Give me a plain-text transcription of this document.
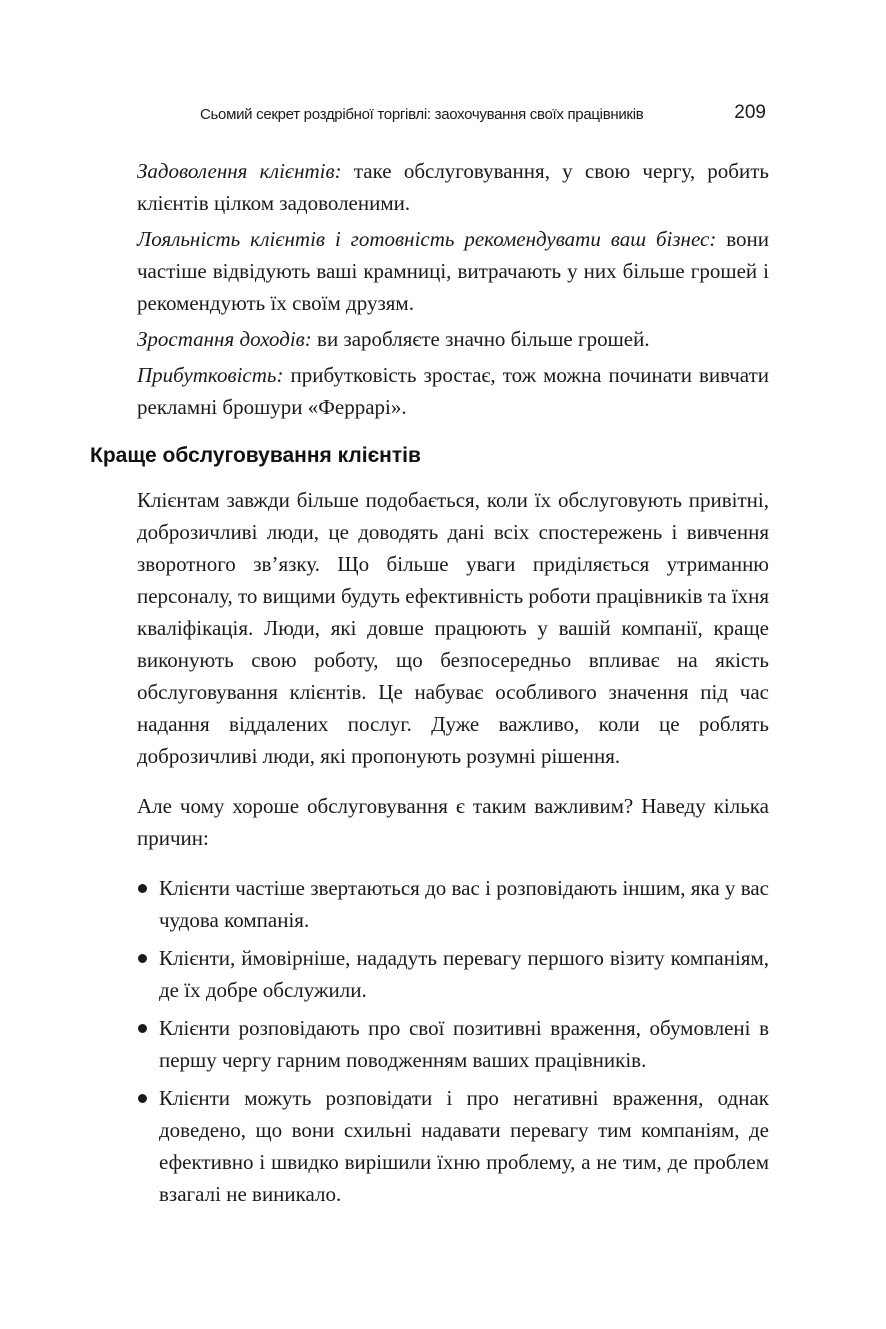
Сьомий секрет роздрібної торгівлі: заохочування своїх працівників	209

Задоволення клієнтів: таке обслуговування, у свою чергу, робить клієнтів цілком задоволеними.

Лояльність клієнтів і готовність рекомендувати ваш бізнес: вони частіше відвідують ваші крамниці, витрачають у них більше грошей і рекомендують їх своїм друзям.

Зростання доходів: ви заробляєте значно більше грошей.

Прибутковість: прибутковість зростає, тож можна починати вивчати рекламні брошури «Феррарі».

Краще обслуговування клієнтів

Клієнтам завжди більше подобається, коли їх обслуговують привітні, доброзичливі люди, це доводять дані всіх спостережень і вивчення зворотного зв’язку. Що більше уваги приділяється утриманню персоналу, то вищими будуть ефективність роботи працівників та їхня кваліфікація. Люди, які довше працюють у вашій компанії, краще виконують свою роботу, що безпосередньо впливає на якість обслуговування клієнтів. Це набуває особливого значення під час надання віддалених послуг. Дуже важливо, коли це роблять доброзичливі люди, які пропонують розумні рішення.

Але чому хороше обслуговування є таким важливим? Наведу кілька причин:

Клієнти частіше звертаються до вас і розповідають іншим, яка у вас чудова компанія.
Клієнти, ймовірніше, нададуть перевагу першого візиту компаніям, де їх добре обслужили.
Клієнти розповідають про свої позитивні враження, обумовлені в першу чергу гарним поводженням ваших працівників.
Клієнти можуть розповідати і про негативні враження, однак доведено, що вони схильні надавати перевагу тим компаніям, де ефективно і швидко вирішили їхню проблему, а не тим, де проблем взагалі не виникало.
